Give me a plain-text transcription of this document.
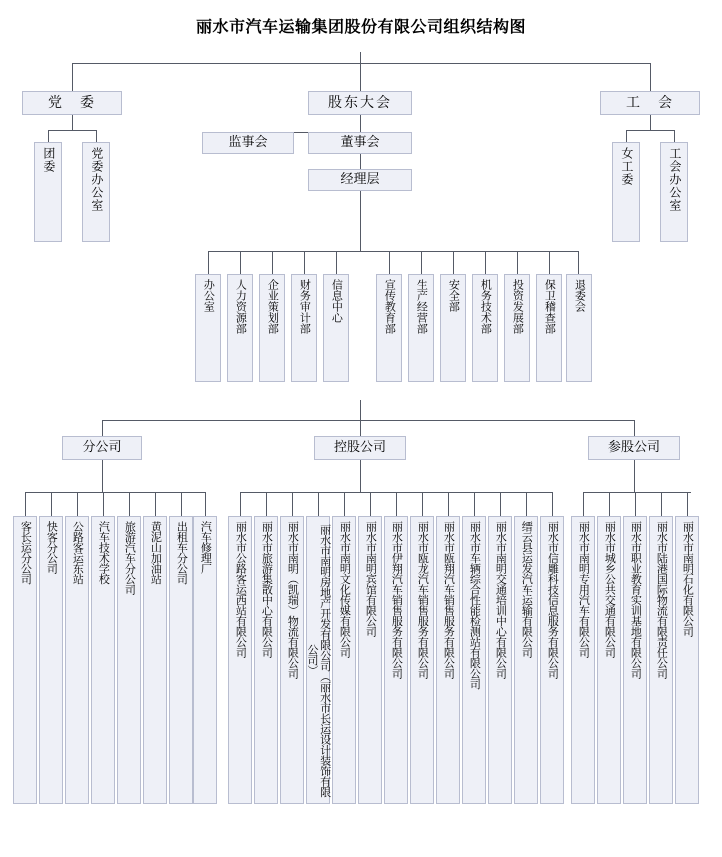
丽水市汽车运输集团股份有限公司组织结构图
党　委	股东大会	工　会
监事会	董事会
经理层
团委	党委办公室	女工委	工会办公室
办公室	人力资源部	企业策划部	财务审计部	信息中心	宣传教育部	生产经营部	安全部	机务技术部	投资发展部	保卫稽查部	退委会
分公司	控股公司	参股公司
客长运分公司	快客分公司	公路客运东站	汽车技术学校	旅游汽车分公司	黄泥山加油站	出租车分公司	汽车修理厂	丽水市公路客运西站有限公司	丽水市旅游集散中心有限公司	丽水市南明（凯瑞）物流有限公司	丽水市南明房地产开发有限公司（丽水市长运设计装饰有限公司）
丽水市南明文化传媒有限公司	丽水市南明宾馆有限公司	丽水市伊翔汽车销售服务有限公司	丽水市瓯龙汽车销售服务有限公司	丽水市瓯翔汽车销售服务有限公司	丽水市车辆综合性能检测站有限公司	丽水市南明交通培训中心有限公司	缙云县运发汽车运输有限公司	丽水市信雕科技信息服务有限公司	丽水市南明专用汽车有限公司	丽水市城乡公共交通有限公司	丽水市职业教育实训基地有限公司	丽水市陆港国际物流有限责任公司	丽水市南明石化有限公司
